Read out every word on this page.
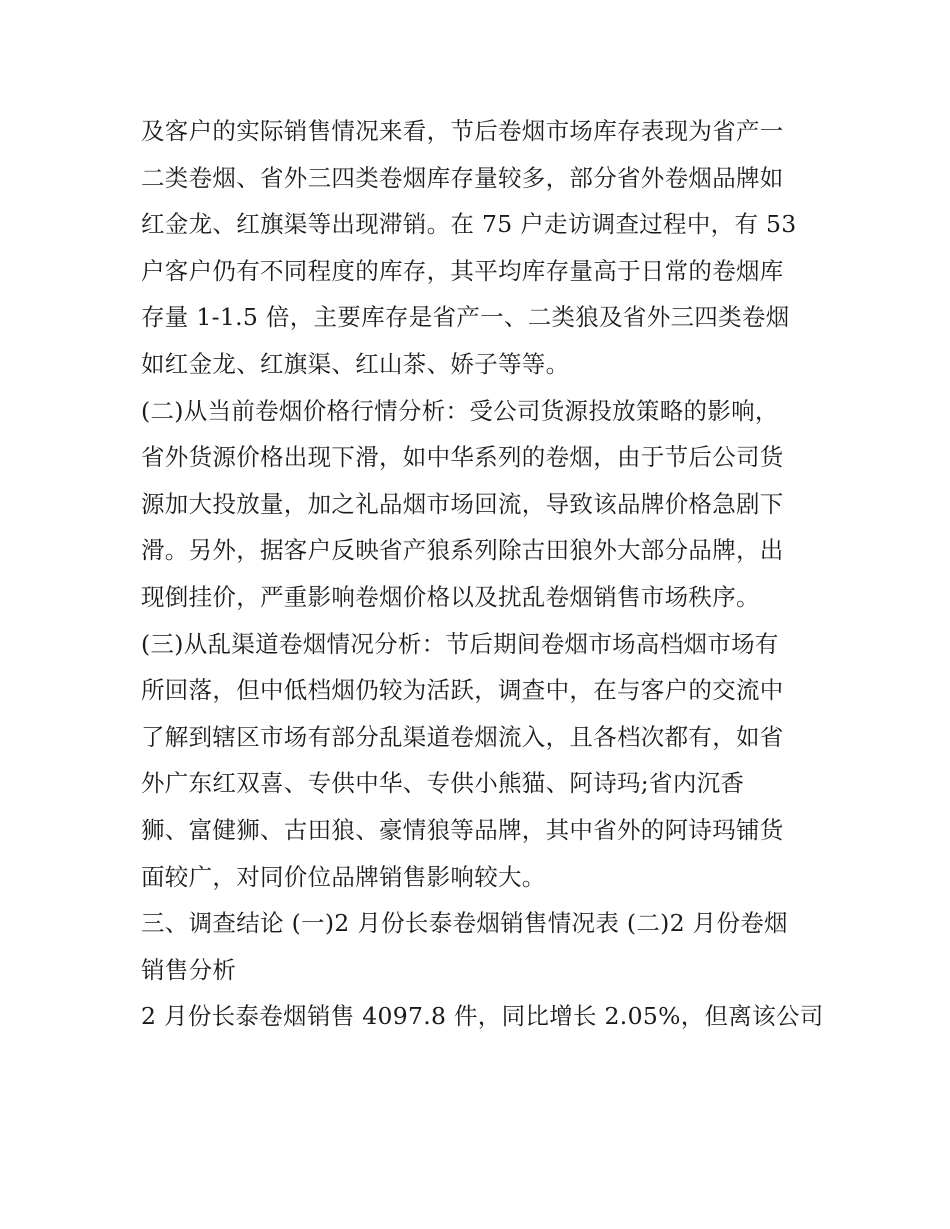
及客户的实际销售情况来看，节后卷烟市场库存表现为省产一
二类卷烟、省外三四类卷烟库存量较多，部分省外卷烟品牌如
红金龙、红旗渠等出现滞销。在 75 户走访调查过程中，有 53
户客户仍有不同程度的库存，其平均库存量高于日常的卷烟库
存量 1-1.5 倍，主要库存是省产一、二类狼及省外三四类卷烟
如红金龙、红旗渠、红山茶、娇子等等。
(二)从当前卷烟价格行情分析：受公司货源投放策略的影响，
省外货源价格出现下滑，如中华系列的卷烟，由于节后公司货
源加大投放量，加之礼品烟市场回流，导致该品牌价格急剧下
滑。另外，据客户反映省产狼系列除古田狼外大部分品牌，出
现倒挂价，严重影响卷烟价格以及扰乱卷烟销售市场秩序。
(三)从乱渠道卷烟情况分析：节后期间卷烟市场高档烟市场有
所回落，但中低档烟仍较为活跃，调查中，在与客户的交流中
了解到辖区市场有部分乱渠道卷烟流入，且各档次都有，如省
外广东红双喜、专供中华、专供小熊猫、阿诗玛;省内沉香
狮、富健狮、古田狼、豪情狼等品牌，其中省外的阿诗玛铺货
面较广，对同价位品牌销售影响较大。
三、调查结论 (一)2 月份长泰卷烟销售情况表 (二)2 月份卷烟
销售分析
2 月份长泰卷烟销售 4097.8 件，同比增长 2.05%，但离该公司
